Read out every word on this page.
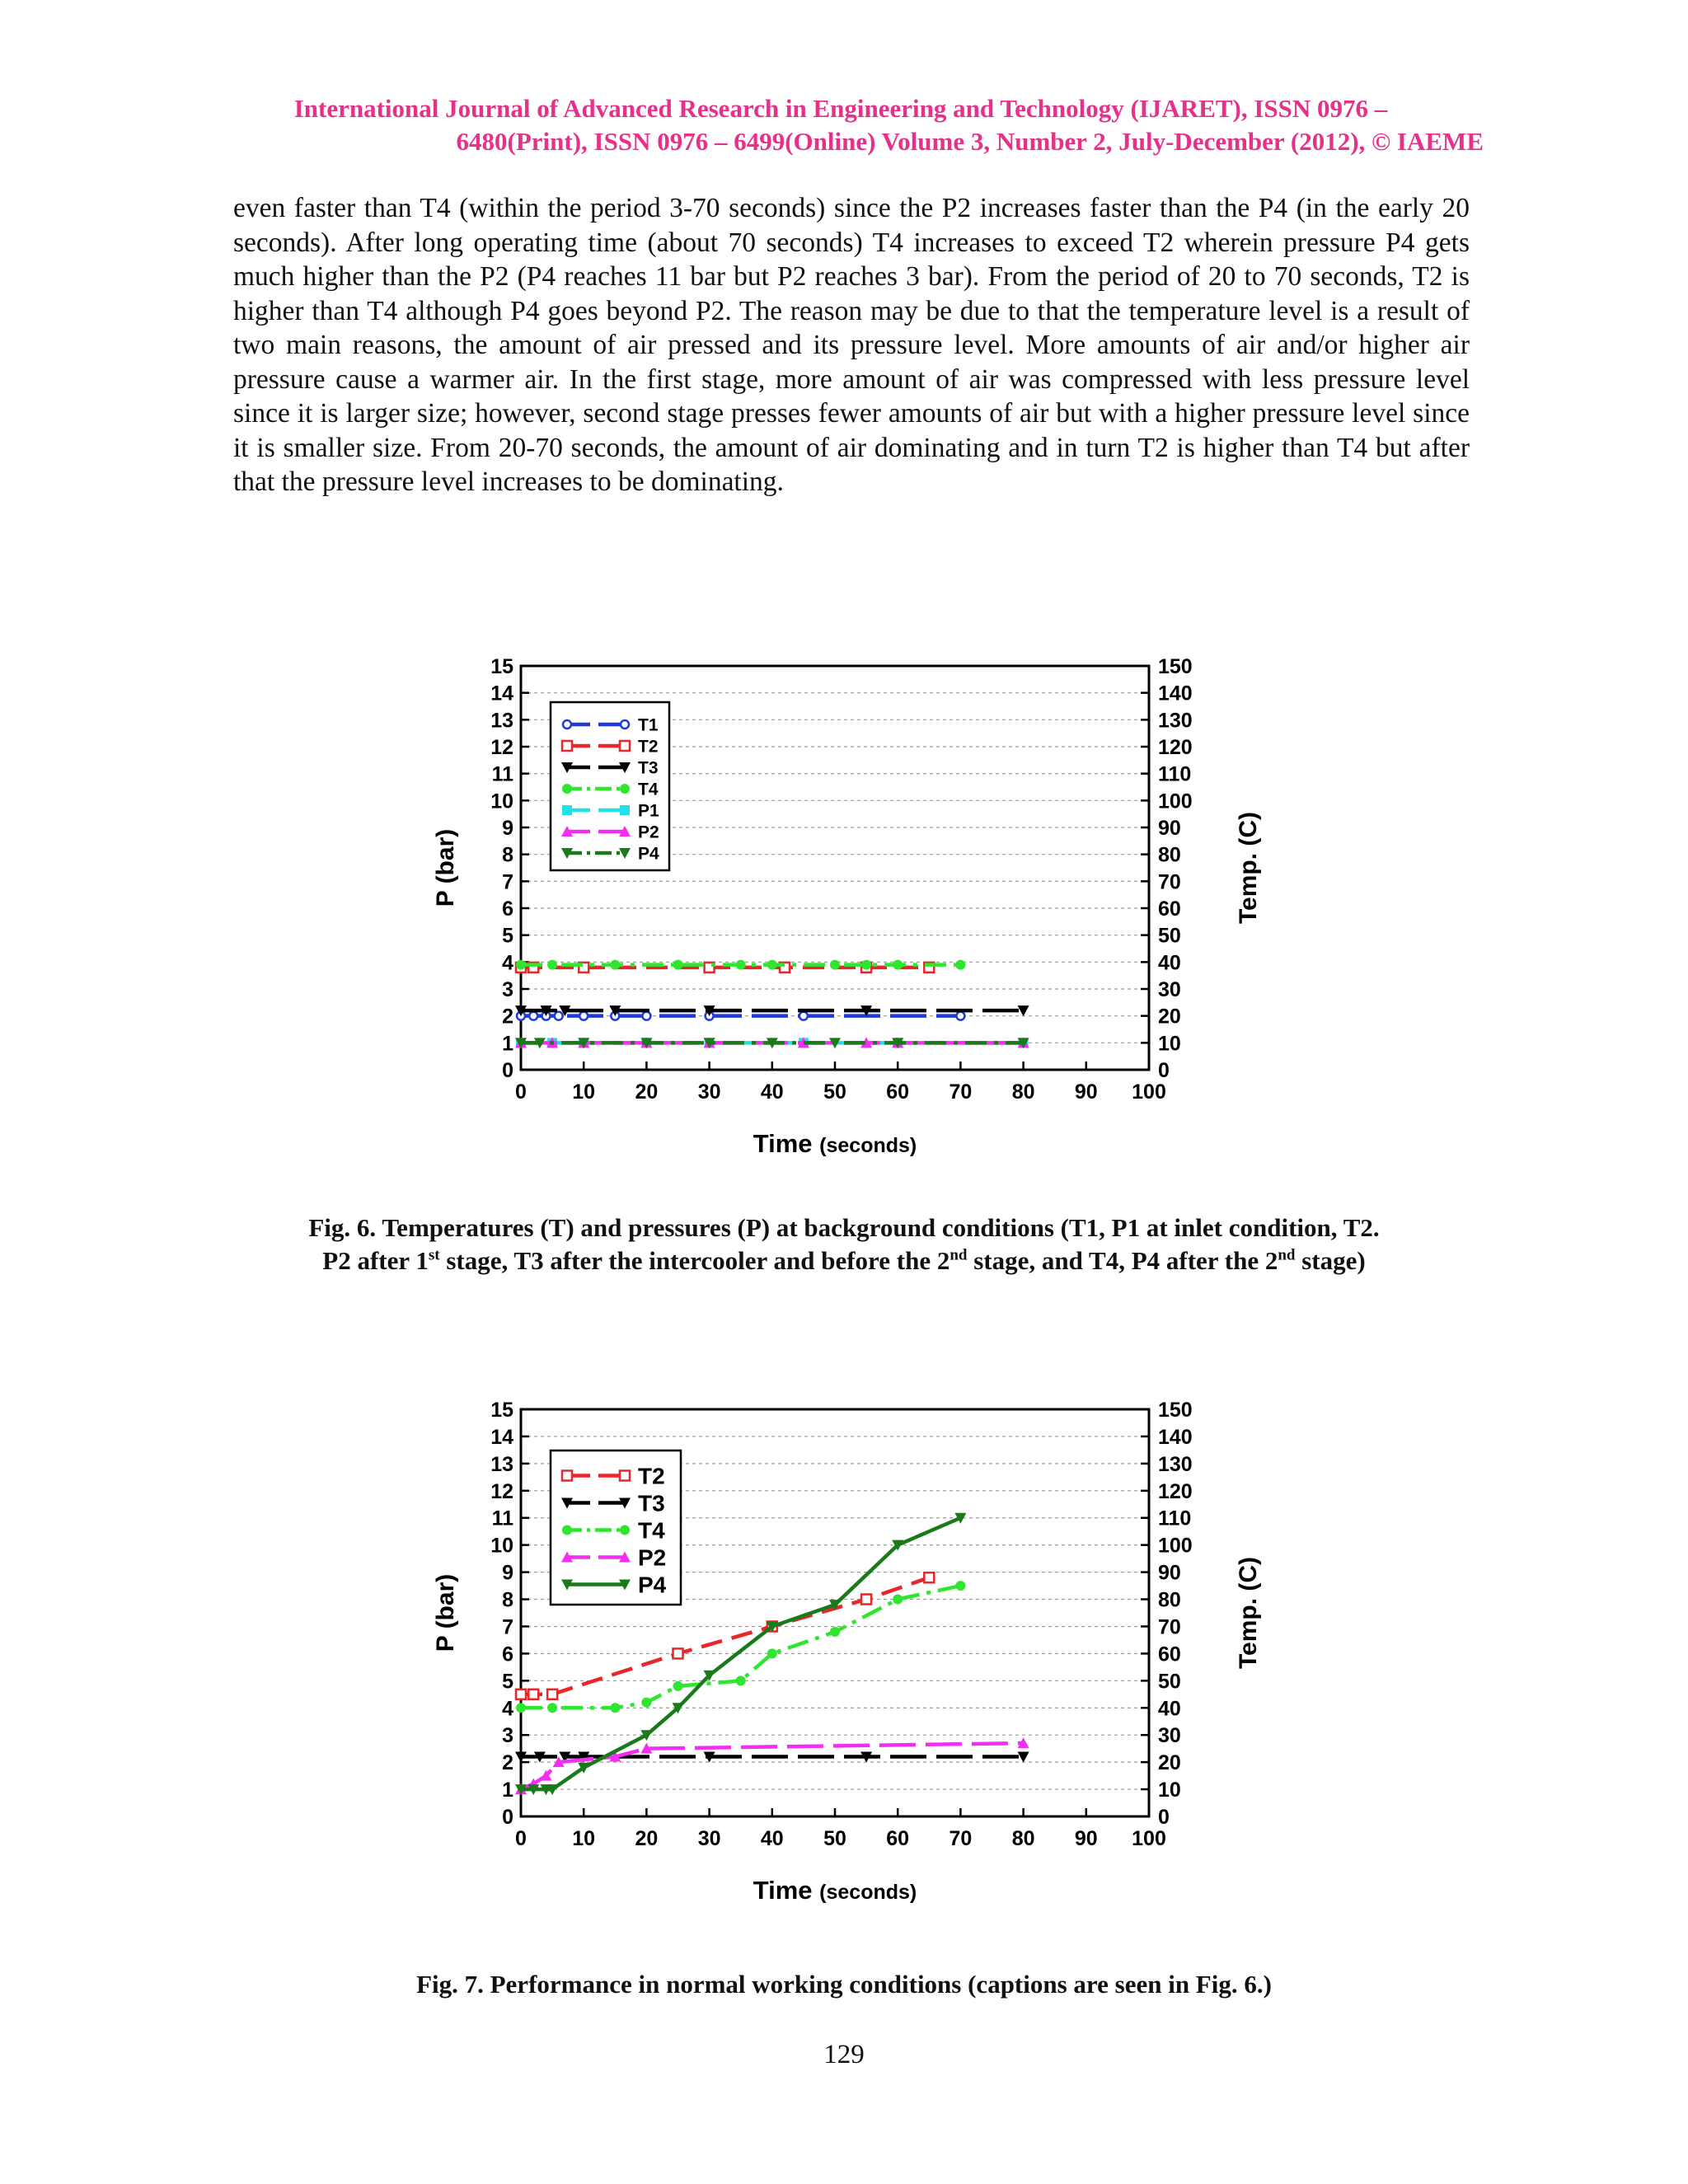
International Journal of Advanced Research in Engineering and Technology (IJARET), ISSN 0976 –
6480(Print), ISSN 0976 – 6499(Online) Volume 3, Number 2, July-December (2012), © IAEME
even faster than T4 (within the period 3-70 seconds) since the P2 increases faster than the P4 (in the early 20 seconds). After long operating time (about 70 seconds) T4 increases to exceed T2 wherein pressure P4 gets much higher than the P2 (P4 reaches 11 bar but P2 reaches 3 bar). From the period of 20 to 70 seconds, T2 is higher than T4 although P4 goes beyond P2. The reason may be due to that the temperature level is a result of two main reasons, the amount of air pressed and its pressure level. More amounts of air and/or higher air pressure cause a warmer air. In the first stage, more amount of air was compressed with less pressure level since it is larger size; however, second stage presses fewer amounts of air but with a higher pressure level since it is smaller size. From 20-70 seconds, the amount of air dominating and in turn T2 is higher than T4 but after that the pressure level increases to be dominating.
0
1
2
3
4
5
6
7
8
9
10
11
12
13
14
15
0
10
20
30
40
50
60
70
80
90
100
110
120
130
140
150
0 10 20 30 40 50 60 70 80 90 100
P (bar)	Temp. (C)
Time (seconds)
T1
T2
T3
T4
P1
P2
P4
Fig. 6. Temperatures (T) and pressures (P) at background conditions (T1, P1 at inlet condition, T2.
P2 after 1st stage, T3 after the intercooler and before the 2nd stage, and T4, P4 after the 2nd stage)
0
1
2
3
4
5
6
7
8
9
10
11
12
13
14
15
0
10
20
30
40
50
60
70
80
90
100
110
120
130
140
150
0 10 20 30 40 50 60 70 80 90 100
P (bar)	Temp. (C)
Time (seconds)
T2
T3
T4
P2
P4
Fig. 7. Performance in normal working conditions (captions are seen in Fig. 6.)
129
